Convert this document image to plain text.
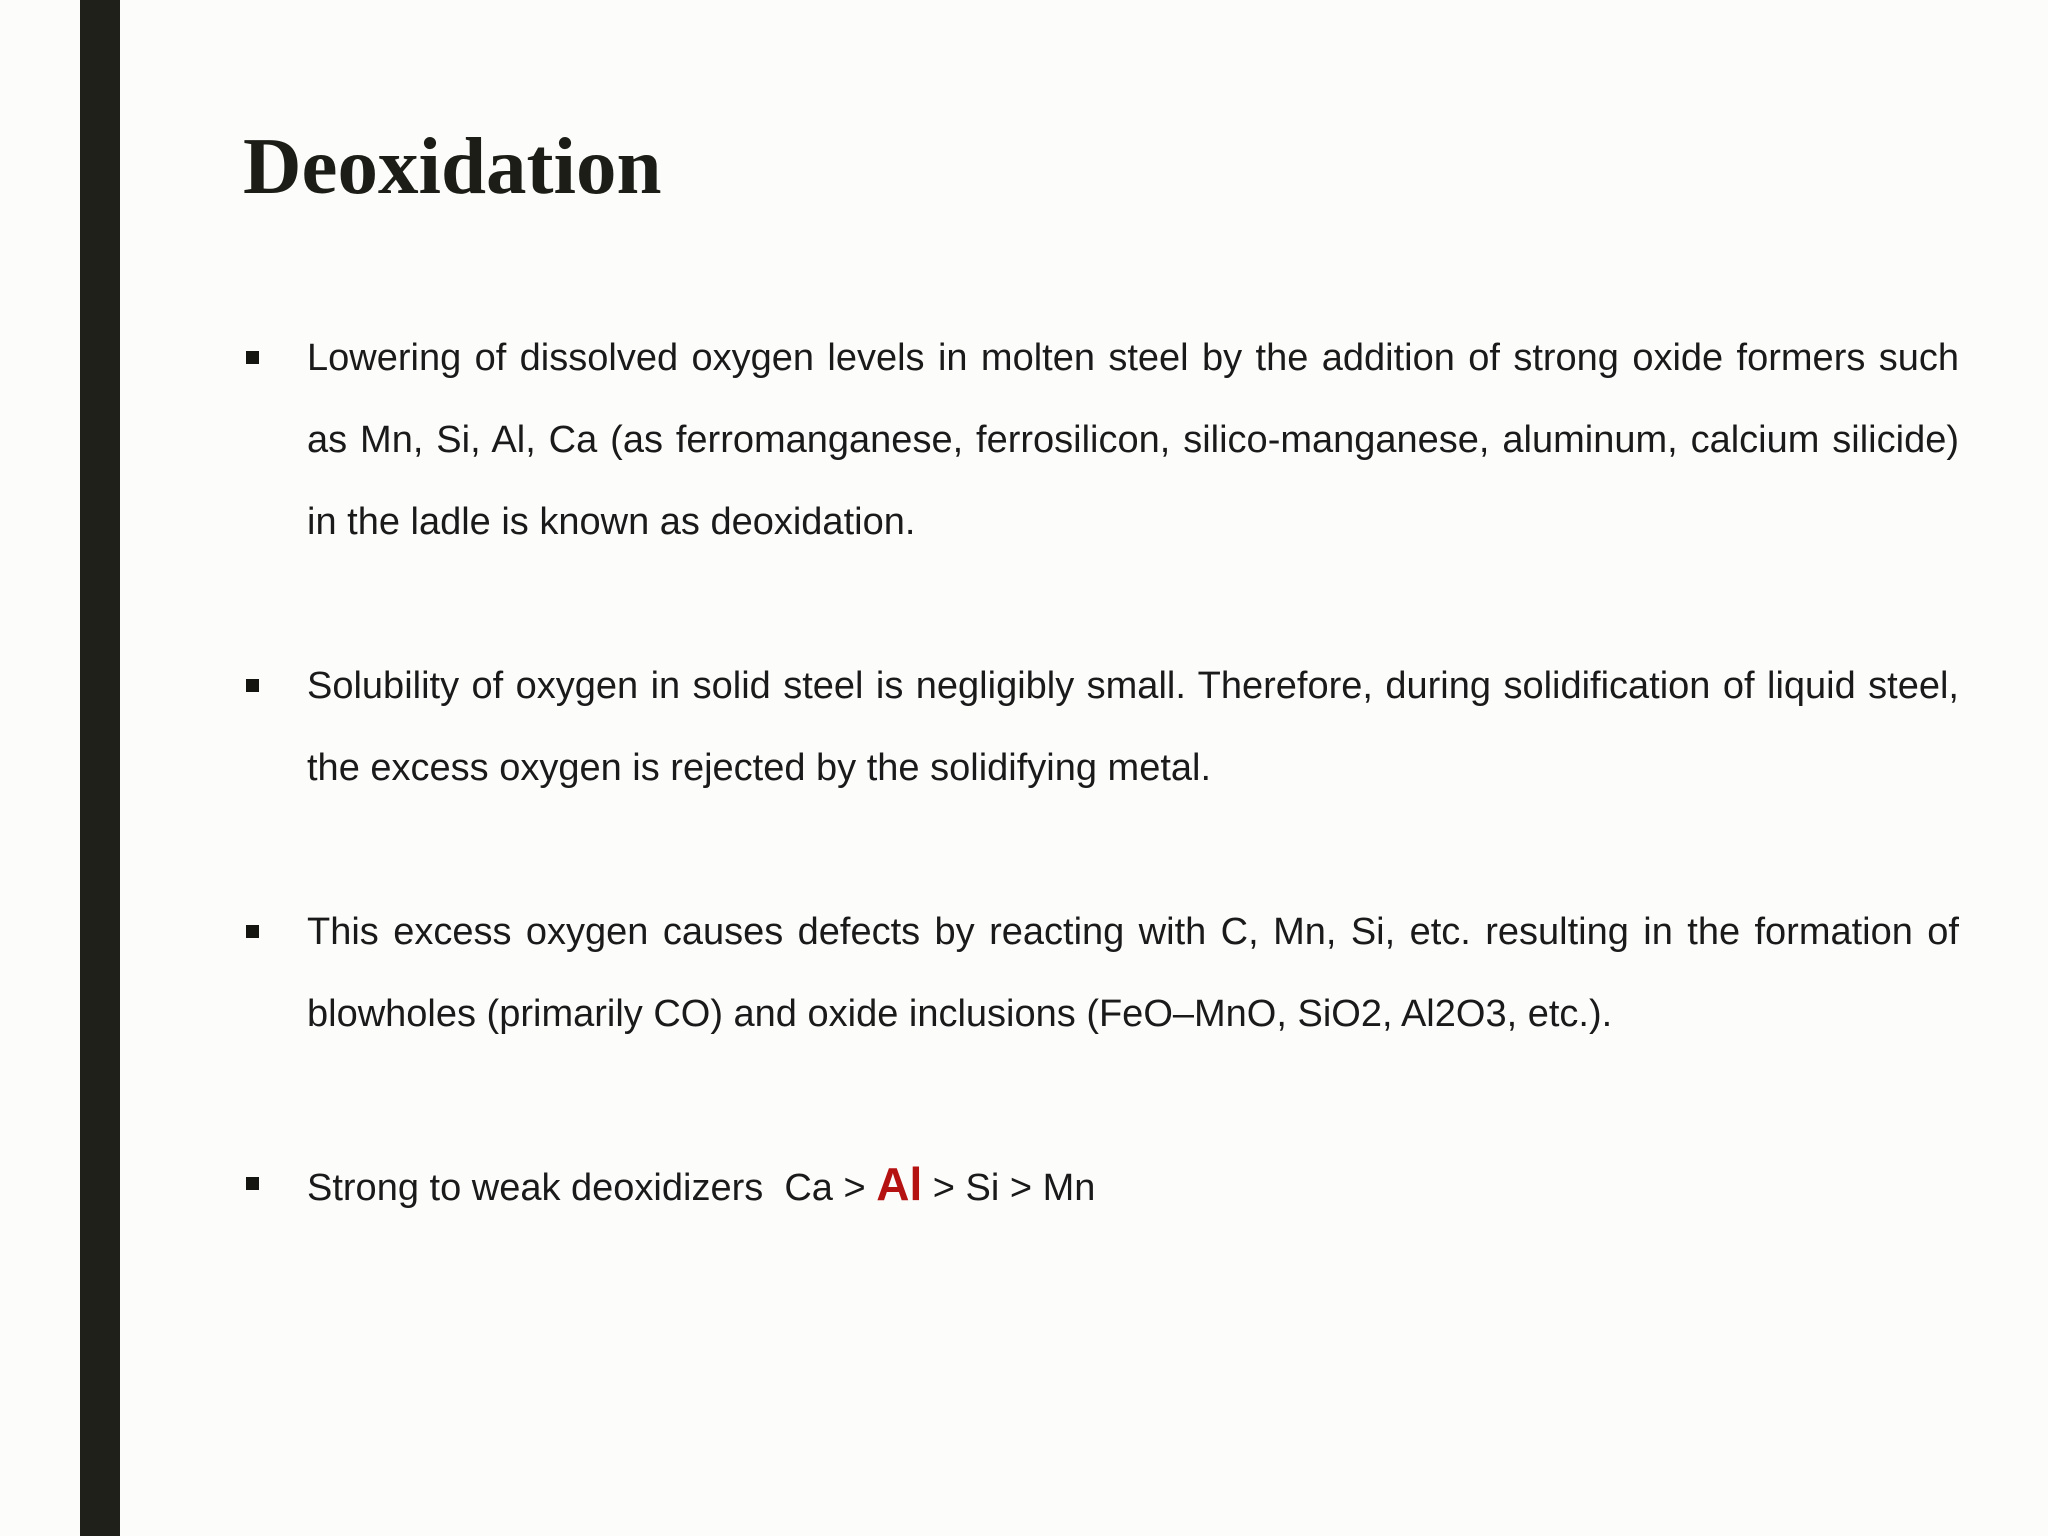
Deoxidation

Lowering of dissolved oxygen levels in molten steel by the addition of strong oxide formers such as Mn, Si, Al, Ca (as ferromanganese, ferrosilicon, silico-manganese, aluminum, calcium silicide) in the ladle is known as deoxidation.

Solubility of oxygen in solid steel is negligibly small. Therefore, during solidification of liquid steel, the excess oxygen is rejected by the solidifying metal.

This excess oxygen causes defects by reacting with C, Mn, Si, etc. resulting in the formation of blowholes (primarily CO) and oxide inclusions (FeO–MnO, SiO2, Al2O3, etc.).

Strong to weak deoxidizers  Ca > Al > Si > Mn
